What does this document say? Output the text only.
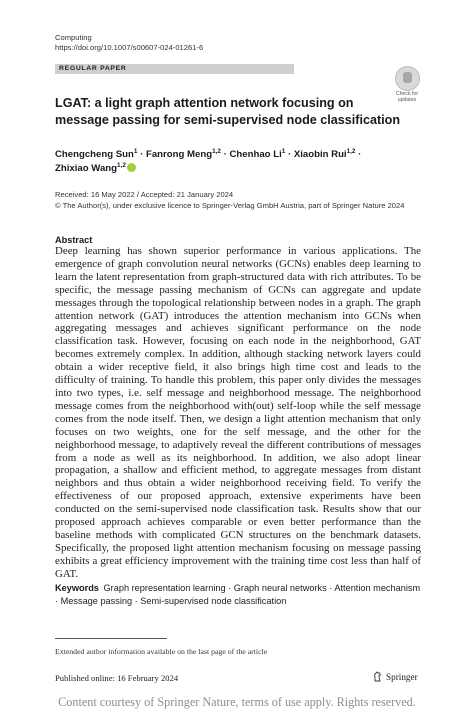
Computing
https://doi.org/10.1007/s00607-024-01261-6
REGULAR PAPER
Check for updates
LGAT: a light graph attention network focusing on message passing for semi-supervised node classification
Chengcheng Sun$^1$ · Fanrong Meng$^{1,2}$ · Chenhao $Li^1$ · Xiaobin Rui$^{1,2}$ ·
Zhixiao Wang$^{1,2}$
Received: 16 May 2022 / Accepted: 21 January 2024
© The Author(s), under exclusive licence to Springer-Verlag GmbH Austria, part of Springer Nature 2024
Abstract
Deep learning has shown superior performance in various applications. The emergence of graph convolution neural networks (GCNs) enables deep learning to learn the latent representation from graph-structured data with rich attributes. To be specific, the message passing mechanism of GCNs can aggregate and update messages through the topological relationship between nodes in a graph. The graph attention network (GAT) introduces the attention mechanism into GCNs when aggregating messages and achieves significant performance on the node classification task. However, focusing on each node in the neighborhood, GAT becomes extremely complex. In addition, although stacking network layers could obtain a wider receptive field, it also brings high time cost and leads to the difficulty of training. To handle this problem, this paper only divides the messages into two types, i.e. self message and neighborhood message. The neighborhood message comes from the neighborhood with(out) self-loop while the self message comes from the node itself. Then, we design a light attention mechanism that only focuses on two weights, one for the self message, and the other for the neighborhood message, to adaptively reveal the different contributions of messages from a node as well as its neighborhood. In addition, we also adopt linear propagation, a shallow and efficient method, to aggregate messages from distant neighbors and thus obtain a wider neighborhood receiving field. To verify the effectiveness of our proposed approach, extensive experiments have been conducted on the semi-supervised node classification task. Results show that our proposed approach achieves comparable or even better performance than the baseline methods with complicated GCN structures on the benchmark datasets. Specifically, the proposed light attention mechanism focusing on message passing exhibits a great efficiency improvement with the training time cost less than half of GAT.
Keywords Graph representation learning · Graph neural networks · Attention mechanism · Message passing · Semi-supervised node classification
Extended author information available on the last page of the article
Published online: 16 February 2024	Springer
Content courtesy of Springer Nature, terms of use apply. Rights reserved.
